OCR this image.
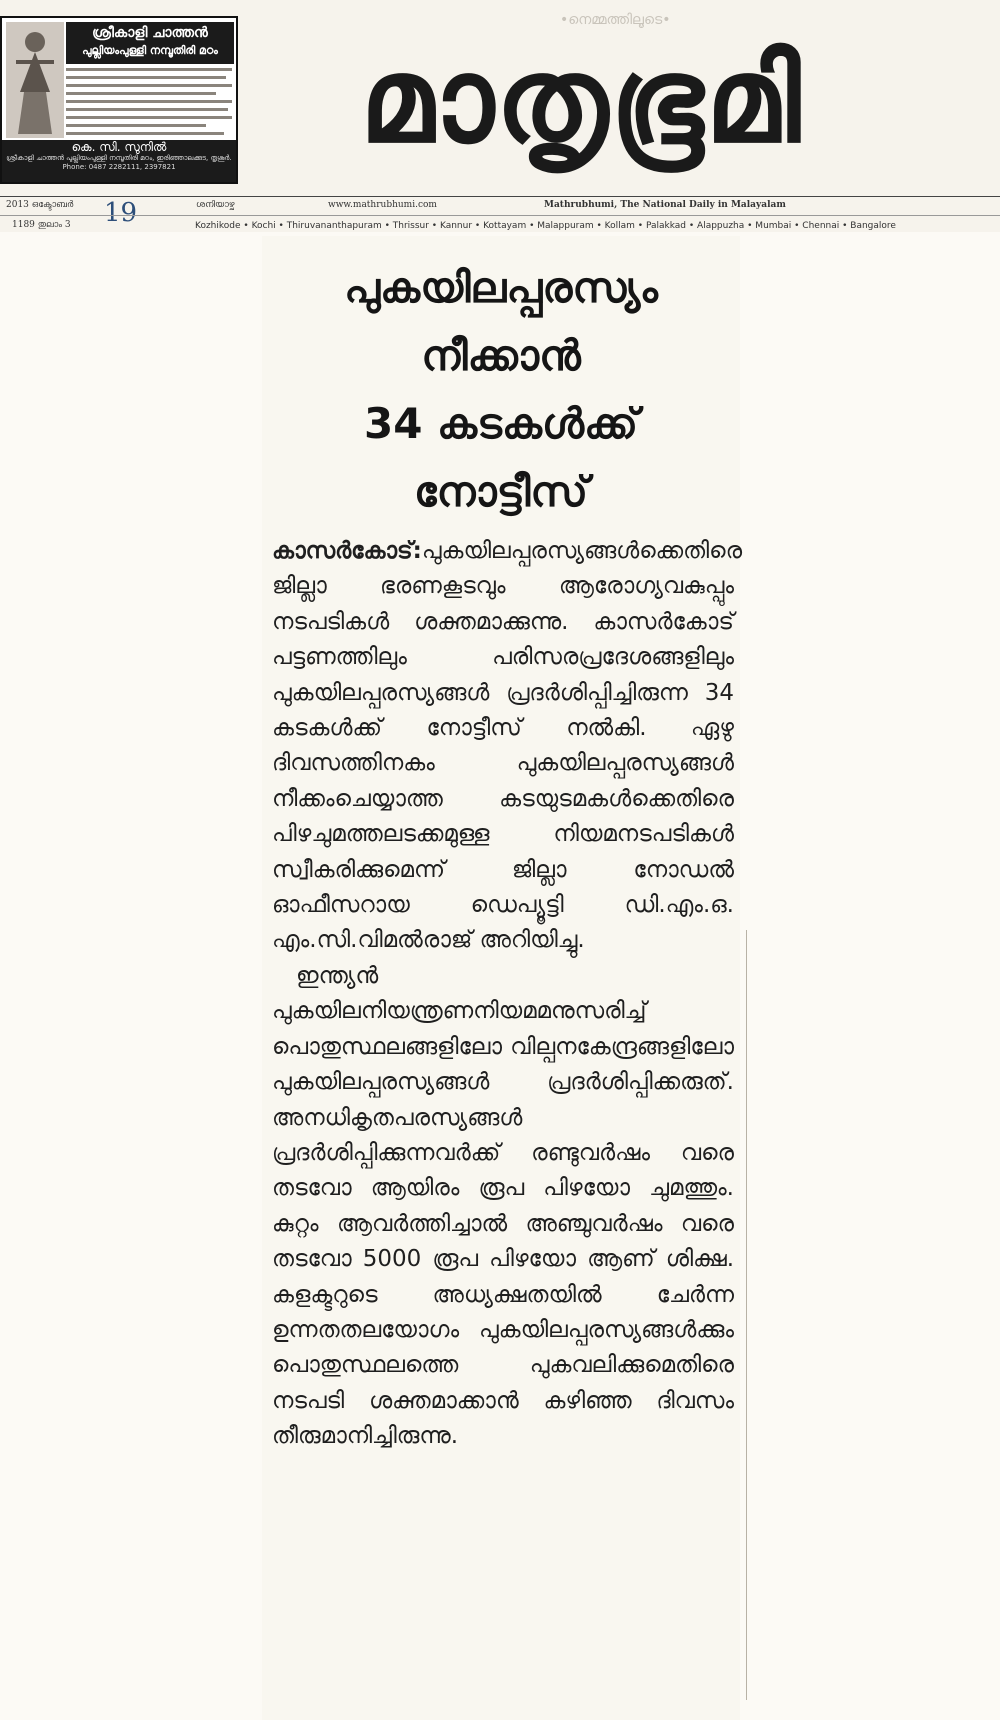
ശ്രീകാളി ചാത്തൻ
പുല്ലിയംപുള്ളി നമ്പൂതിരി മഠം
കെ. സി. സുനിൽ
ശ്രീകാളി ചാത്തൻ പുല്ലിയംപുള്ളി നമ്പൂതിരി മഠം, ഇരിഞ്ഞാലക്കുട, തൃശൂർ. Phone: 0487 2282111, 2397821
•നെമ്മത്തിലൂടെ•
മാതൃഭൂമി
2013 ഒക്ടോബർ
1189 തുലാം 3 19	ശനിയാഴ്ച	www.mathrubhumi.com	Mathrubhumi, The National Daily in Malayalam
Kozhikode • Kochi • Thiruvananthapuram • Thrissur • Kannur • Kottayam • Malappuram • Kollam • Palakkad • Alappuzha • Mumbai • Chennai • Bangalore
പുകയിലപ്പരസ്യം
നീക്കാൻ
34 കടകൾക്ക്
നോട്ടീസ്

കാസർകോട്:പുകയിലപ്പരസ്യങ്ങൾക്കെതിരെ ജില്ലാ ഭരണകൂടവും ആരോഗ്യവകുപ്പും നടപടികൾ ശക്തമാക്കുന്നു. കാസർകോട് പട്ടണത്തിലും പരിസരപ്രദേശങ്ങളിലും പുകയിലപ്പരസ്യങ്ങൾ പ്രദർശിപ്പിച്ചിരുന്ന 34 കടകൾക്ക് നോട്ടീസ് നൽകി. ഏഴു ദിവസത്തിനകം പുകയിലപ്പരസ്യങ്ങൾ നീക്കംചെയ്യാത്ത കടയുടമകൾക്കെതിരെ പിഴചുമത്തലടക്കമുള്ള നിയമനടപടികൾ സ്വീകരിക്കുമെന്ന് ജില്ലാ നോഡൽ ഓഫീസറായ ഡെപ്യൂട്ടി ഡി.എം.ഒ. എം.സി.വിമൽരാജ് അറിയിച്ചു.

ഇന്ത്യൻ പുകയിലനിയന്ത്രണനിയമമനുസരിച്ച് പൊതുസ്ഥലങ്ങളിലോ വില്പനകേന്ദ്രങ്ങളിലോ പുകയിലപ്പരസ്യങ്ങൾ പ്രദർശിപ്പിക്കരുത്. അനധികൃതപരസ്യങ്ങൾ പ്രദർശിപ്പിക്കുന്നവർക്ക് രണ്ടുവർഷം വരെ തടവോ ആയിരം രൂപ പിഴയോ ചുമത്തും. കുറ്റം ആവർത്തിച്ചാൽ അഞ്ചുവർഷം വരെ തടവോ 5000 രൂപ പിഴയോ ആണ് ശിക്ഷ. കളക്ടറുടെ അധ്യക്ഷതയിൽ ചേർന്ന ഉന്നതതലയോഗം പുകയിലപ്പരസ്യങ്ങൾക്കും പൊതുസ്ഥലത്തെ പുകവലിക്കുമെതിരെ നടപടി ശക്തമാക്കാൻ കഴിഞ്ഞ ദിവസം തീരുമാനിച്ചിരുന്നു.
